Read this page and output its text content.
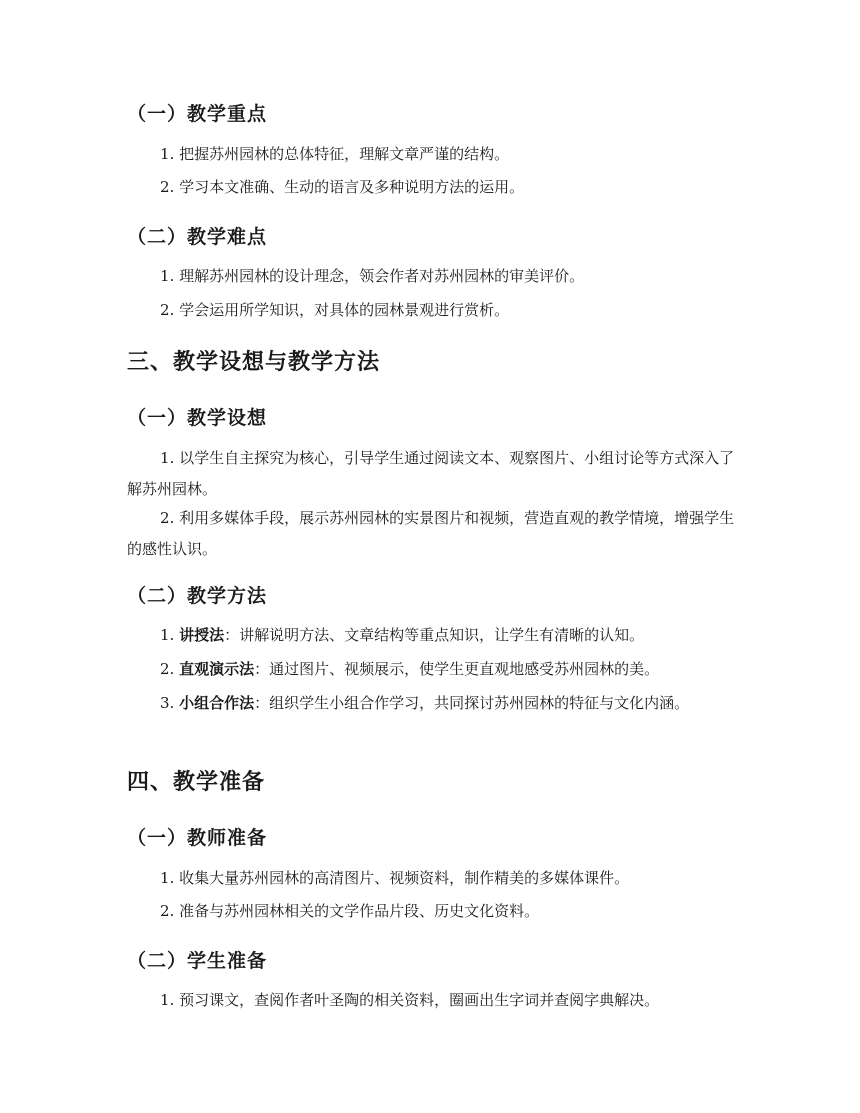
（一）教学重点

1. 把握苏州园林的总体特征，理解文章严谨的结构。

2. 学习本文准确、生动的语言及多种说明方法的运用。

（二）教学难点

1. 理解苏州园林的设计理念，领会作者对苏州园林的审美评价。

2. 学会运用所学知识，对具体的园林景观进行赏析。

三、教学设想与教学方法
（一）教学设想

1. 以学生自主探究为核心，引导学生通过阅读文本、观察图片、小组讨论等方式深入了解苏州园林。

2. 利用多媒体手段，展示苏州园林的实景图片和视频，营造直观的教学情境，增强学生的感性认识。

（二）教学方法

1. 讲授法：讲解说明方法、文章结构等重点知识，让学生有清晰的认知。

2. 直观演示法：通过图片、视频展示，使学生更直观地感受苏州园林的美。

3. 小组合作法：组织学生小组合作学习，共同探讨苏州园林的特征与文化内涵。

四、教学准备
（一）教师准备

1. 收集大量苏州园林的高清图片、视频资料，制作精美的多媒体课件。

2. 准备与苏州园林相关的文学作品片段、历史文化资料。

（二）学生准备

1. 预习课文，查阅作者叶圣陶的相关资料，圈画出生字词并查阅字典解决。
